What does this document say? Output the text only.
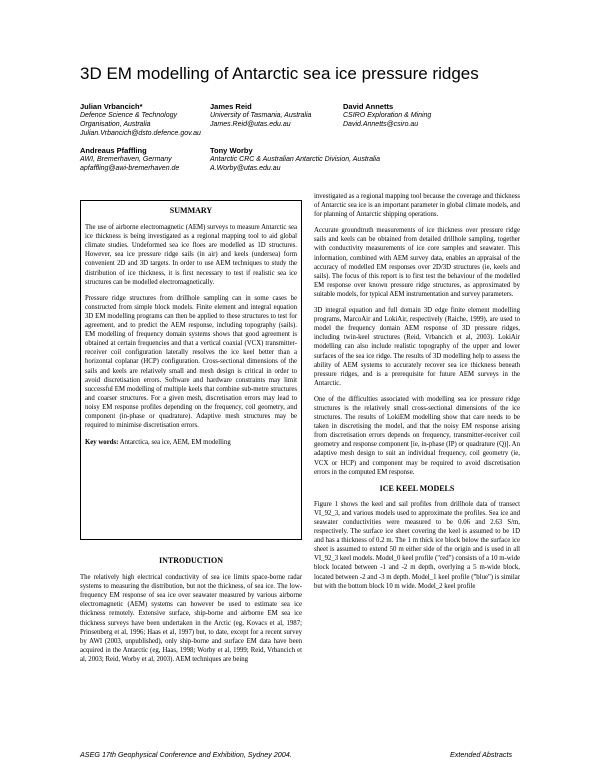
3D EM modelling of Antarctic sea ice pressure ridges
Julian Vrbancich*
Defence Science & Technology
Organisation, Australia
Julian.Vrbancich@dsto.defence.gov.au
James Reid
University of Tasmania, Australia
James.Reid@utas.edu.au
David Annetts
CSIRO Exploration & Mining
David.Annetts@csiro.au
Andreaus Pfaffling
AWI, Bremerhaven, Germany
apfaffling@awi-bremerhaven.de
Tony Worby
Antarctic CRC & Australian Antarctic Division, Australia
A.Worby@utas.edu.au

SUMMARY

The use of airborne electromagnetic (AEM) surveys to measure Antarctic sea ice thickness is being investigated as a regional mapping tool to aid global climate studies. Undeformed sea ice floes are modelled as 1D structures. However, sea ice pressure ridge sails (in air) and keels (undersea) form convenient 2D and 3D targets. In order to use AEM techniques to study the distribution of ice thickness, it is first necessary to test if realistic sea ice structures can be modelled electromagnetically.

Pressure ridge structures from drillhole sampling can in some cases be constructed from simple block models. Finite element and integral equation 3D EM modelling programs can then be applied to these structures to test for agreement, and to predict the AEM response, including topography (sails). EM modelling of frequency domain systems shows that good agreement is obtained at certain frequencies and that a vertical coaxial (VCX) transmitter-receiver coil configuration laterally resolves the ice keel better than a horizontal coplanar (HCP) configuration. Cross-sectional dimensions of the sails and keels are relatively small and mesh design is critical in order to avoid discretisation errors. Software and hardware constraints may limit successful EM modelling of multiple keels that combine sub-metre structures and coarser structures. For a given mesh, discretisation errors may lead to noisy EM response profiles depending on the frequency, coil geometry, and component (in-phase or quadrature). Adaptive mesh structures may be required to minimise discretisation errors.

Key words: Antarctica, sea ice, AEM, EM modelling

INTRODUCTION

The relatively high electrical conductivity of sea ice limits space-borne radar systems to measuring the distribution, but not the thickness, of sea ice. The low-frequency EM response of sea ice over seawater measured by various airborne electromagnetic (AEM) systems can however be used to estimate sea ice thickness remotely. Extensive surface, ship-borne and airborne EM sea ice thickness surveys have been undertaken in the Arctic (eg, Kovacs et al, 1987; Prinsenberg et al, 1996; Haas et al, 1997) but, to date, except for a recent survey by AWI (2003, unpublished), only ship-borne and surface EM data have been acquired in the Antarctic (eg, Haas, 1998; Worby et al, 1999; Reid, Vrbancich et al, 2003; Reid, Worby et al, 2003). AEM techniques are being

investigated as a regional mapping tool because the coverage and thickness of Antarctic sea ice is an important parameter in global climate models, and for planning of Antarctic shipping operations.

Accurate groundtruth measurements of ice thickness over pressure ridge sails and keels can be obtained from detailed drillhole sampling, together with conductivity measurements of ice core samples and seawater. This information, combined with AEM survey data, enables an appraisal of the accuracy of modelled EM responses over 2D/3D structures (ie, keels and sails). The focus of this report is to first test the behaviour of the modelled EM response over known pressure ridge structures, as approximated by suitable models, for typical AEM instrumentation and survey parameters.

3D integral equation and full domain 3D edge finite element modelling programs, MarcoAir and LokiAir, respectively (Raiche, 1999), are used to model the frequency domain AEM response of 3D pressure ridges, including twin-keel structures (Reid, Vrbancich et al, 2003). LokiAir modelling can also include realistic topography of the upper and lower surfaces of the sea ice ridge. The results of 3D modelling help to assess the ability of AEM systems to accurately recover sea ice thickness beneath pressure ridges, and is a prerequisite for future AEM surveys in the Antarctic.

One of the difficulties associated with modelling sea ice pressure ridge structures is the relatively small cross-sectional dimensions of the ice structures. The results of LokiEM modelling show that care needs to be taken in discretising the model, and that the noisy EM response arising from discretisation errors depends on frequency, transmitter-receiver coil geometry and response component [ie, in-phase (IP) or quadrature (Q)]. An adaptive mesh design to suit an individual frequency, coil geometry (ie, VCX or HCP) and component may be required to avoid discretisation errors in the computed EM response.

ICE KEEL MODELS

Figure 1 shows the keel and sail profiles from drillhole data of transect VI_92_3, and various models used to approximate the profiles. Sea ice and seawater conductivities were measured to be 0.06 and 2.63 S/m, respectively. The surface ice sheet covering the keel is assumed to be 1D and has a thickness of 0.2 m. The 1 m thick ice block below the surface ice sheet is assumed to extend 50 m either side of the origin and is used in all VI_92_3 keel models. Model_0 keel profile ("red") consists of a 10 m-wide block located between -1 and -2 m depth, overlying a 5 m-wide block, located between -2 and -3 m depth. Model_1 keel profile ("blue") is similar but with the bottom block 10 m wide. Model_2 keel profile

ASEG 17th Geophysical Conference and Exhibition, Sydney 2004.	Extended Abstracts
